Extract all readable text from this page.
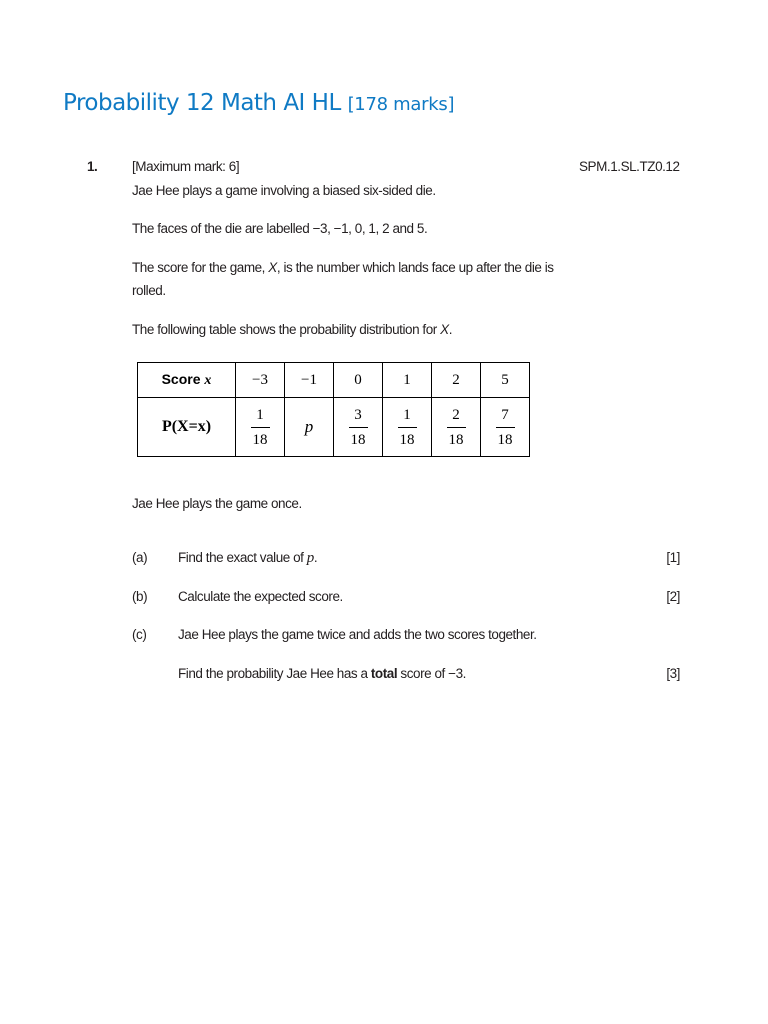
Probability 12 Math AI HL [178 marks]
1.	[Maximum mark: 6]	SPM.1.SL.TZ0.12
Jae Hee plays a game involving a biased six-sided die.
The faces of the die are labelled −3, −1, 0, 1, 2 and 5.
The score for the game, X, is the number which lands face up after the die is
rolled.
The following table shows the probability distribution for X.
Score x	−3	−1	0	1	2	5
P(X=x)	$\frac{1}{18}$	p	$\frac{3}{18}$	$\frac{1}{18}$	$\frac{2}{18}$	$\frac{7}{18}$
Jae Hee plays the game once.
(a) Find the exact value of p.	[1]
(b) Calculate the expected score.	[2]
(c) Jae Hee plays the game twice and adds the two scores together.
Find the probability Jae Hee has a total score of −3.	[3]
